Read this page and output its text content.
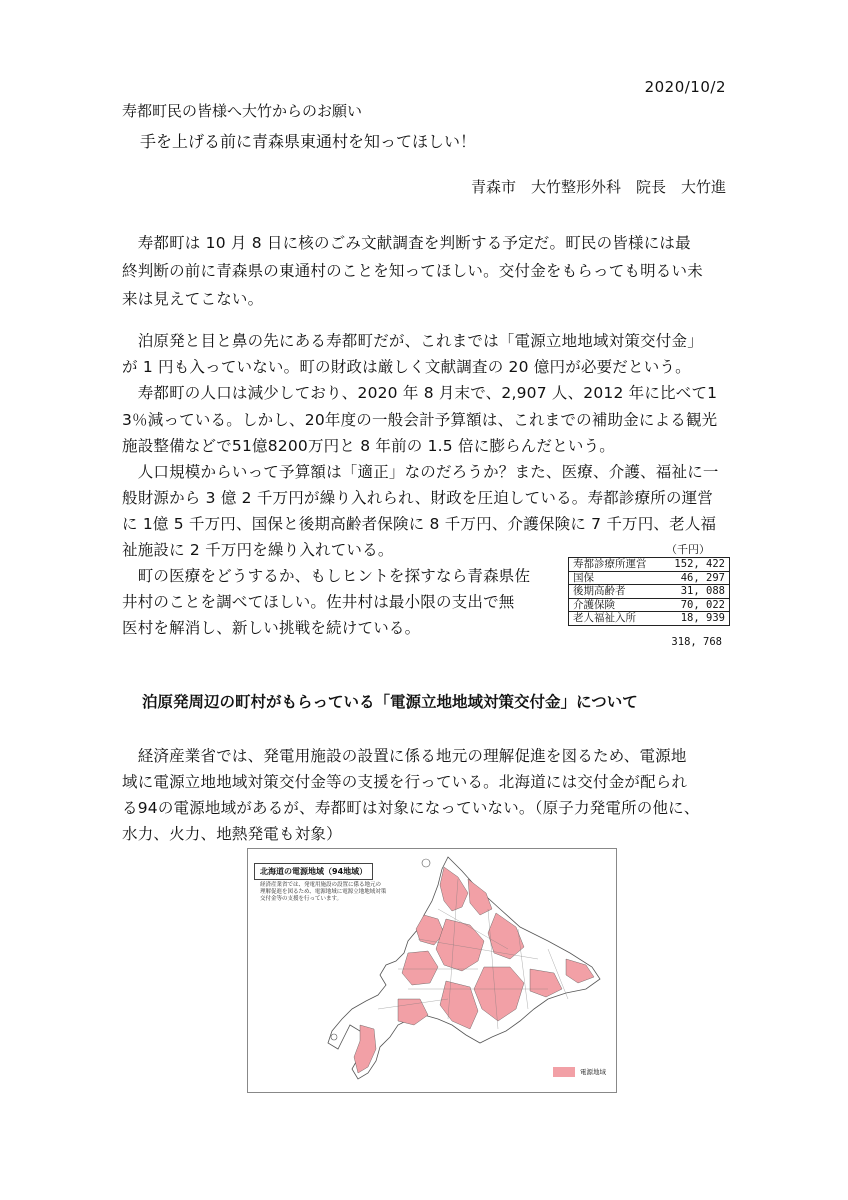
2020/10/2
寿都町民の皆様へ大竹からのお願い
手を上げる前に青森県東通村を知ってほしい！
青森市　大竹整形外科　院長　大竹進
　寿都町は 10 月 8 日に核のごみ文献調査を判断する予定だ。町民の皆様には最
終判断の前に青森県の東通村のことを知ってほしい。交付金をもらっても明るい未
来は見えてこない。
　泊原発と目と鼻の先にある寿都町だが、これまでは「電源立地地域対策交付金」
が 1 円も入っていない。町の財政は厳しく文献調査の 20 億円が必要だという。
　寿都町の人口は減少しており、2020 年 8 月末で、2,907 人、2012 年に比べて1
3％減っている。しかし、20年度の一般会計予算額は、これまでの補助金による観光
施設整備などで51億8200万円と 8 年前の 1.5 倍に膨らんだという。
　人口規模からいって予算額は「適正」なのだろうか？また、医療、介護、福祉に一
般財源から 3 億 2 千万円が繰り入れられ、財政を圧迫している。寿都診療所の運営
に 1億 5 千万円、国保と後期高齢者保険に 8 千万円、介護保険に 7 千万円、老人福
祉施設に 2 千万円を繰り入れている。
　町の医療をどうするか、もしヒントを探すなら青森県佐
井村のことを調べてほしい。佐井村は最小限の支出で無
医村を解消し、新しい挑戦を続けている。
（千円）
寿都診療所運営	152, 422
国保	46, 297
後期高齢者	31, 088
介護保険	70, 022
老人福祉入所	18, 939
318, 768
泊原発周辺の町村がもらっている「電源立地地域対策交付金」について
　経済産業省では、発電用施設の設置に係る地元の理解促進を図るため、電源地
域に電源立地地域対策交付金等の支援を行っている。北海道には交付金が配られ
る94の電源地域があるが、寿都町は対象になっていない。（原子力発電所の他に、
水力、火力、地熱発電も対象）
北海道の電源地域（94地域）
経済産業省では、発電用施設の設置に係る地元の
理解促進を図るため、電源地域に電源立地地域対策
交付金等の支援を行っています。
電源地域
